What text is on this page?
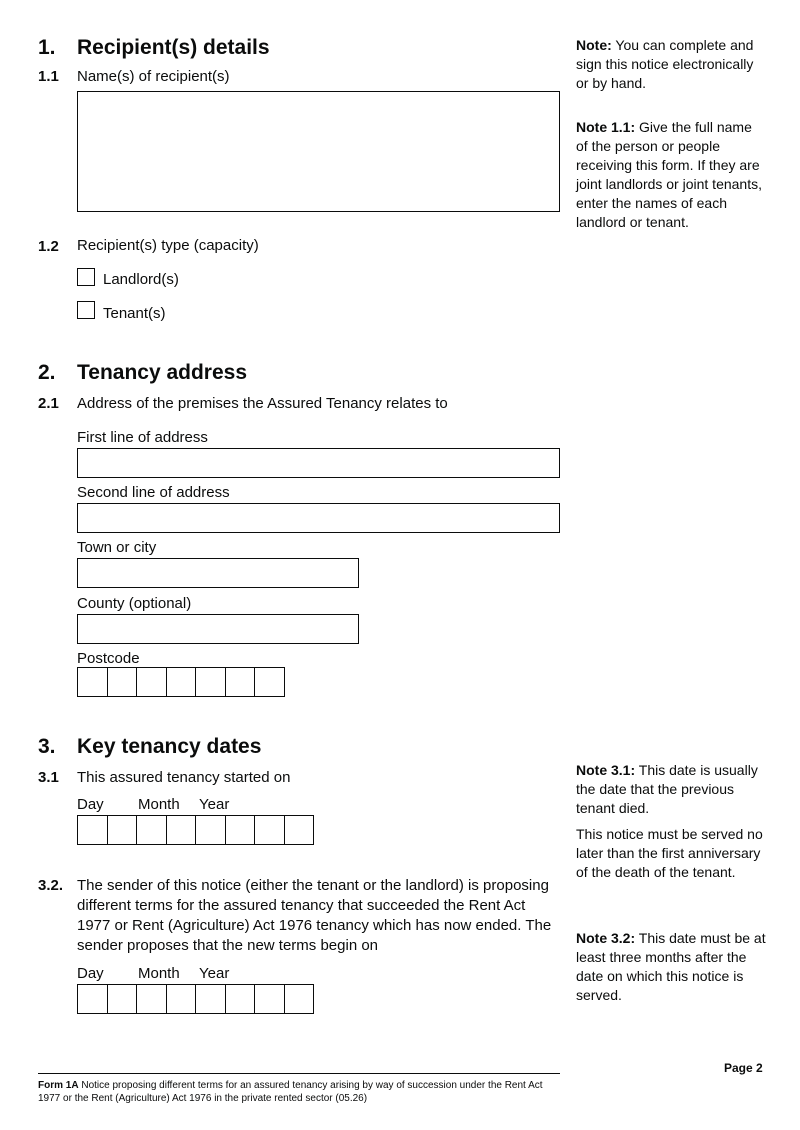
1. Recipient(s) details
1.1 Name(s) of recipient(s)
1.2 Recipient(s) type (capacity)
Landlord(s)
Tenant(s)
2. Tenancy address
2.1 Address of the premises the Assured Tenancy relates to
First line of address
Second line of address
Town or city
County (optional)
Postcode
3. Key tenancy dates
3.1 This assured tenancy started on
Day Month Year
3.2. The sender of this notice (either the tenant or the landlord) is proposing different terms for the assured tenancy that succeeded the Rent Act 1977 or Rent (Agriculture) Act 1976 tenancy which has now ended. The sender proposes that the new terms begin on
Day Month Year
Note: You can complete and sign this notice electronically or by hand.
Note 1.1: Give the full name of the person or people receiving this form. If they are joint landlords or joint tenants, enter the names of each landlord or tenant.
Note 3.1: This date is usually the date that the previous tenant died.
This notice must be served no later than the first anniversary of the death of the tenant.
Note 3.2: This date must be at least three months after the date on which this notice is served.
Page 2
Form 1A Notice proposing different terms for an assured tenancy arising by way of succession under the Rent Act 1977 or the Rent (Agriculture) Act 1976 in the private rented sector (05.26)
